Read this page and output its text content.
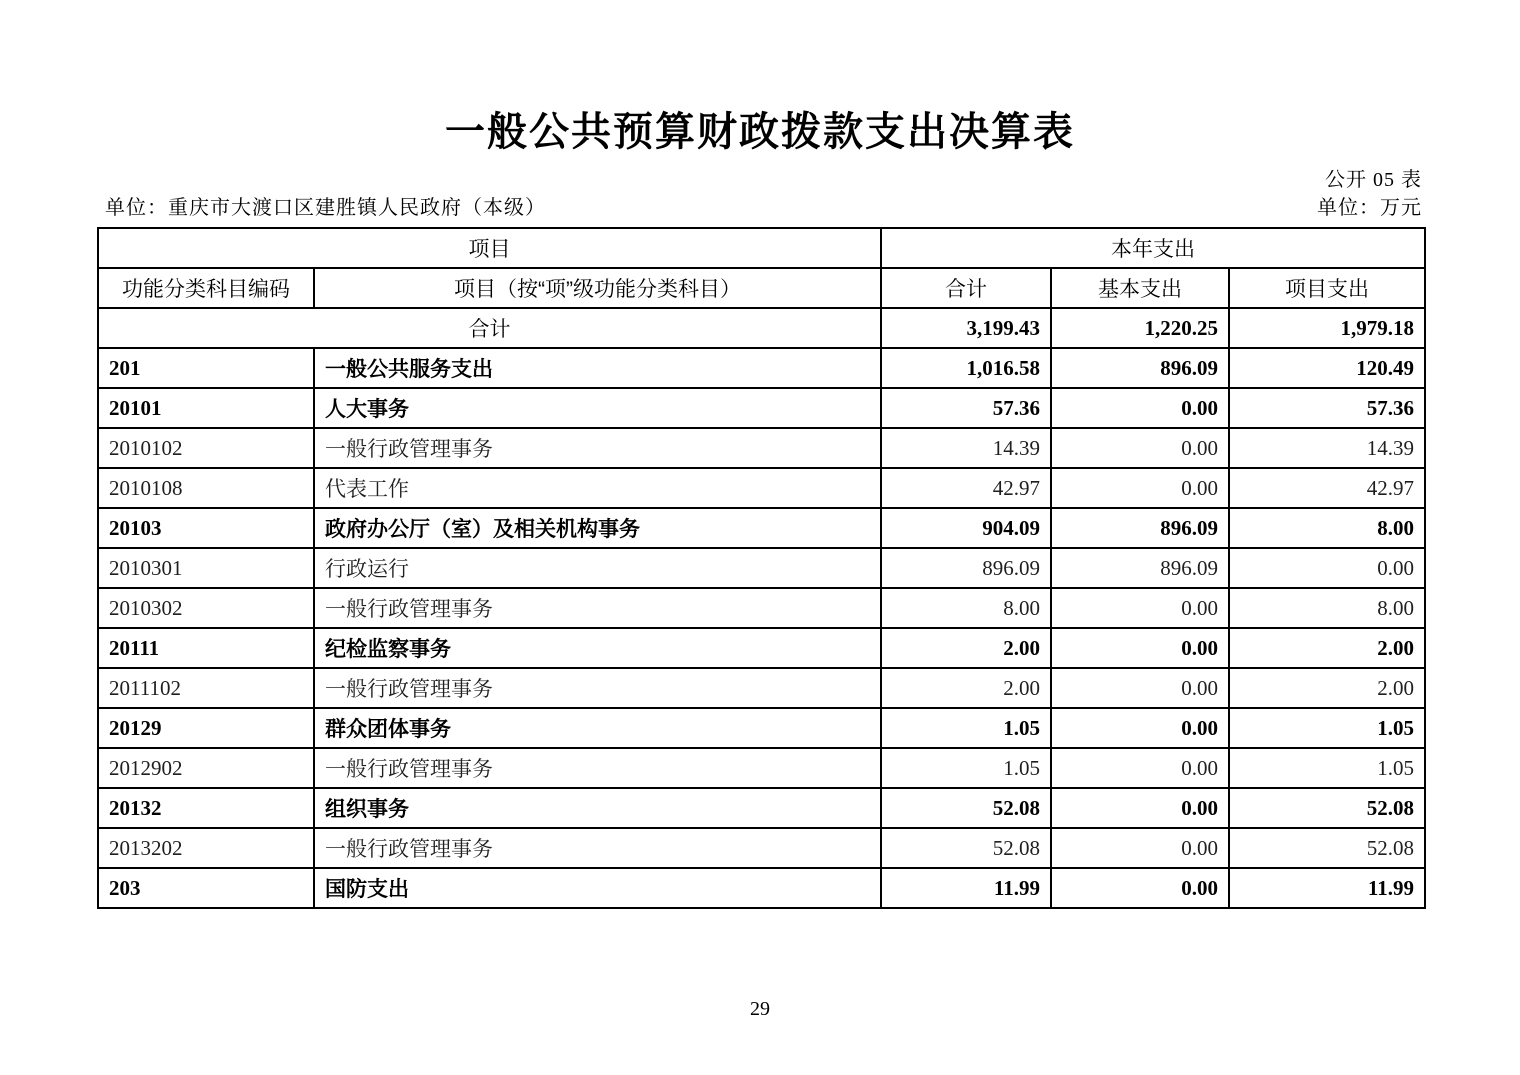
一般公共预算财政拨款支出决算表
公开 05 表
单位：重庆市大渡口区建胜镇人民政府（本级）	单位：万元
项目		本年支出		
功能分类科目编码	项目（按“项”级功能分类科目）	合计	基本支出	项目支出
合计		3,199.43	1,220.25	1,979.18
201	一般公共服务支出	1,016.58	896.09	120.49
20101	人大事务	57.36	0.00	57.36
2010102	一般行政管理事务	14.39	0.00	14.39
2010108	代表工作	42.97	0.00	42.97
20103	政府办公厅（室）及相关机构事务	904.09	896.09	8.00
2010301	行政运行	896.09	896.09	0.00
2010302	一般行政管理事务	8.00	0.00	8.00
20111	纪检监察事务	2.00	0.00	2.00
2011102	一般行政管理事务	2.00	0.00	2.00
20129	群众团体事务	1.05	0.00	1.05
2012902	一般行政管理事务	1.05	0.00	1.05
20132	组织事务	52.08	0.00	52.08
2013202	一般行政管理事务	52.08	0.00	52.08
203	国防支出	11.99	0.00	11.99
29
